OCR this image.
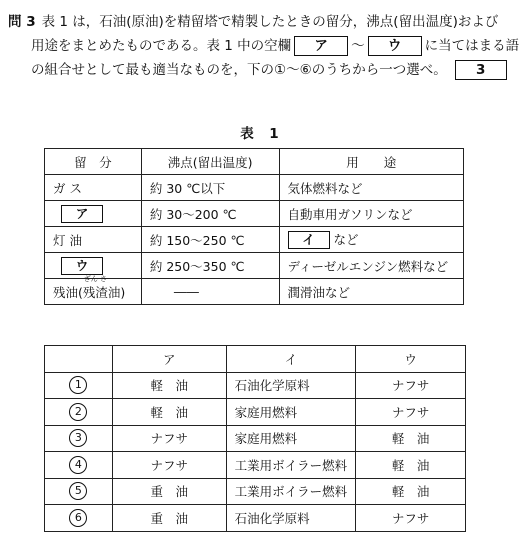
問 3 表 1 は，石油(原油)を精留塔で精製したときの留分，沸点(留出温度)および
用途をまとめたものである。表 1 中の空欄 ア 〜 ウ に当てはまる語
の組合せとして最も適当なものを，下の①〜⑥のうちから一つ選べ。 3
表　1
留　分	沸点(留出温度)	用　　途
ガ ス	約 30 ℃以下	気体燃料など
ア	約 30〜200 ℃	自動車用ガソリンなど
灯 油	約 150〜250 ℃	イ など
ウ	約 250〜350 ℃	ディーゼルエンジン燃料など
残油(
ざん さ
残渣油)	――	潤滑油など
	ア	イ	ウ
1	軽　油	石油化学原料	ナフサ
2	軽　油	家庭用燃料	ナフサ
3	ナフサ	家庭用燃料	軽　油
4	ナフサ	工業用ボイラー燃料	軽　油
5	重　油	工業用ボイラー燃料	軽　油
6	重　油	石油化学原料	ナフサ
